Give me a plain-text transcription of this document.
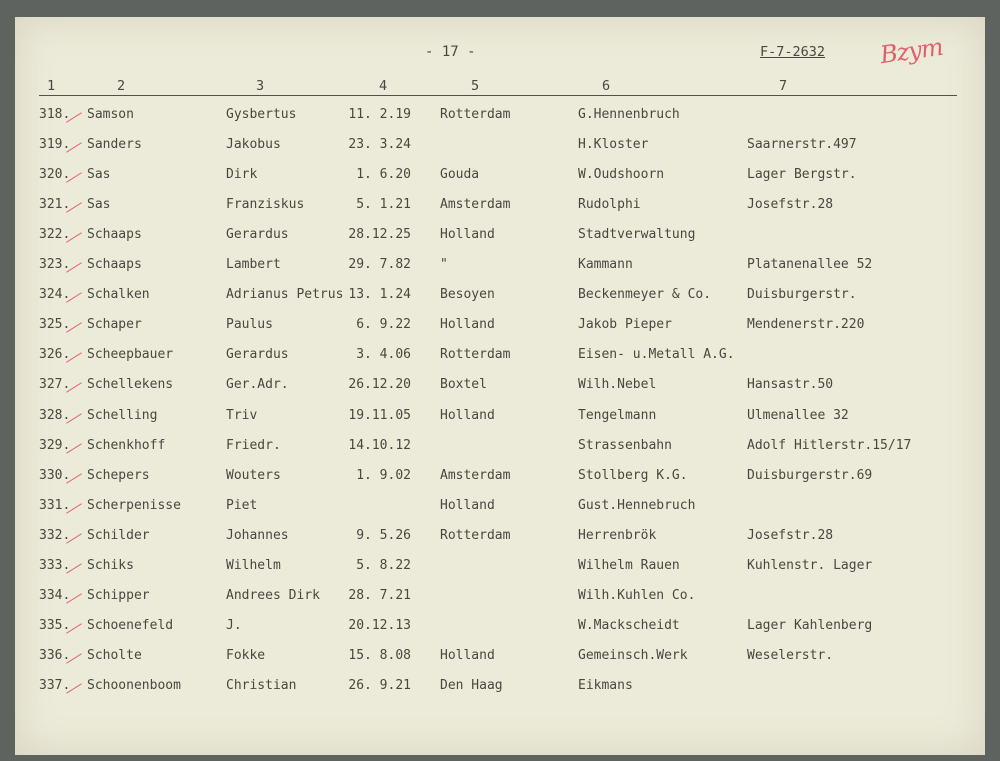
- 17 -	F-7-2632 Bzym
1	2	3	4	5	6	7
318. Samson	Gysbertus	11. 2.19 Rotterdam	G.Hennenbruch
319. Sanders	Jakobus	23. 3.24	H.Kloster	Saarnerstr.497
320. Sas	Dirk	1. 6.20 Gouda	W.Oudshoorn	Lager Bergstr.
321. Sas	Franziskus	5. 1.21 Amsterdam	Rudolphi	Josefstr.28
322. Schaaps	Gerardus	28.12.25 Holland	Stadtverwaltung
323. Schaaps	Lambert	29. 7.82 "	Kammann	Platanenallee 52
324. Schalken	Adrianus Petrus 13. 1.24 Besoyen	Beckenmeyer & Co.	Duisburgerstr.
325. Schaper	Paulus	6. 9.22 Holland	Jakob Pieper	Mendenerstr.220
326. Scheepbauer	Gerardus	3. 4.06 Rotterdam	Eisen- u.Metall A.G.
327. Schellekens	Ger.Adr.	26.12.20 Boxtel	Wilh.Nebel	Hansastr.50
328. Schelling	Triv	19.11.05 Holland	Tengelmann	Ulmenallee 32
329. Schenkhoff	Friedr.	14.10.12	Strassenbahn	Adolf Hitlerstr.15/17
330. Schepers	Wouters	1. 9.02 Amsterdam	Stollberg K.G.	Duisburgerstr.69
331. Scherpenisse	Piet	Holland	Gust.Hennebruch
332. Schilder	Johannes	9. 5.26 Rotterdam	Herrenbrök	Josefstr.28
333. Schiks	Wilhelm	5. 8.22	Wilhelm Rauen	Kuhlenstr. Lager
334. Schipper	Andrees Dirk	28. 7.21	Wilh.Kuhlen Co.
335. Schoenefeld	J.	20.12.13	W.Mackscheidt	Lager Kahlenberg
336. Scholte	Fokke	15. 8.08 Holland	Gemeinsch.Werk	Weselerstr.
337. Schoonenboom	Christian	26. 9.21 Den Haag	Eikmans
